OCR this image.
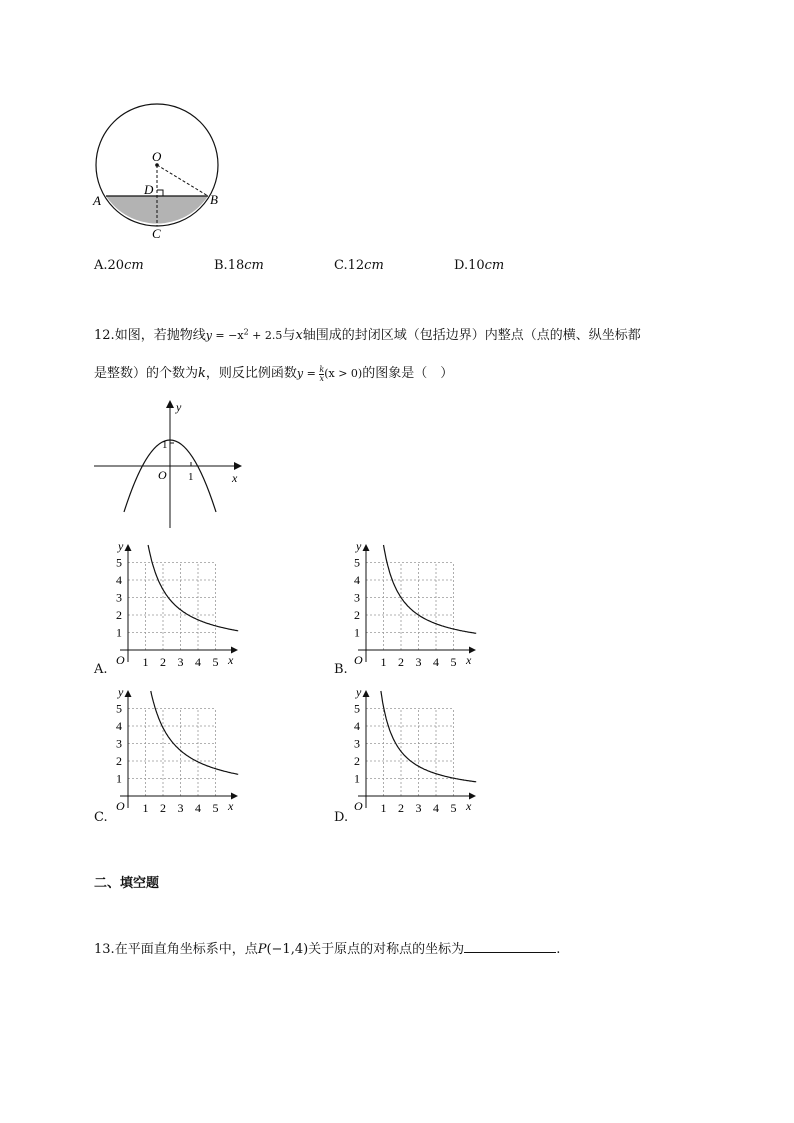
O
D
A	B
C
A.20cm	B.18cm	C.12cm	D.10cm
12.如图，若抛物线$y = -x^2 + 2.5$与x轴围成的封闭区域（包括边界）内整点（点的横、纵坐标都
是整数）的个数为k，则反比例函数$y = \frac{k}{x} (x > 0)$的图象是（　）
y
x
O 1
1
1 2 3 4 5
1
2
3
4
5
O
y
x	1 2 3 4 5
1
2
3
4
5
O
y
x
1 2 3 4 5
1
2
3
4
5
O
y
x	1 2 3 4 5
1
2
3
4
5
O
y
x
二、填空题
13.在平面直角坐标系中，点P(−1,4)关于原点的对称点的坐标为	.
A.	B.
C.	D.
